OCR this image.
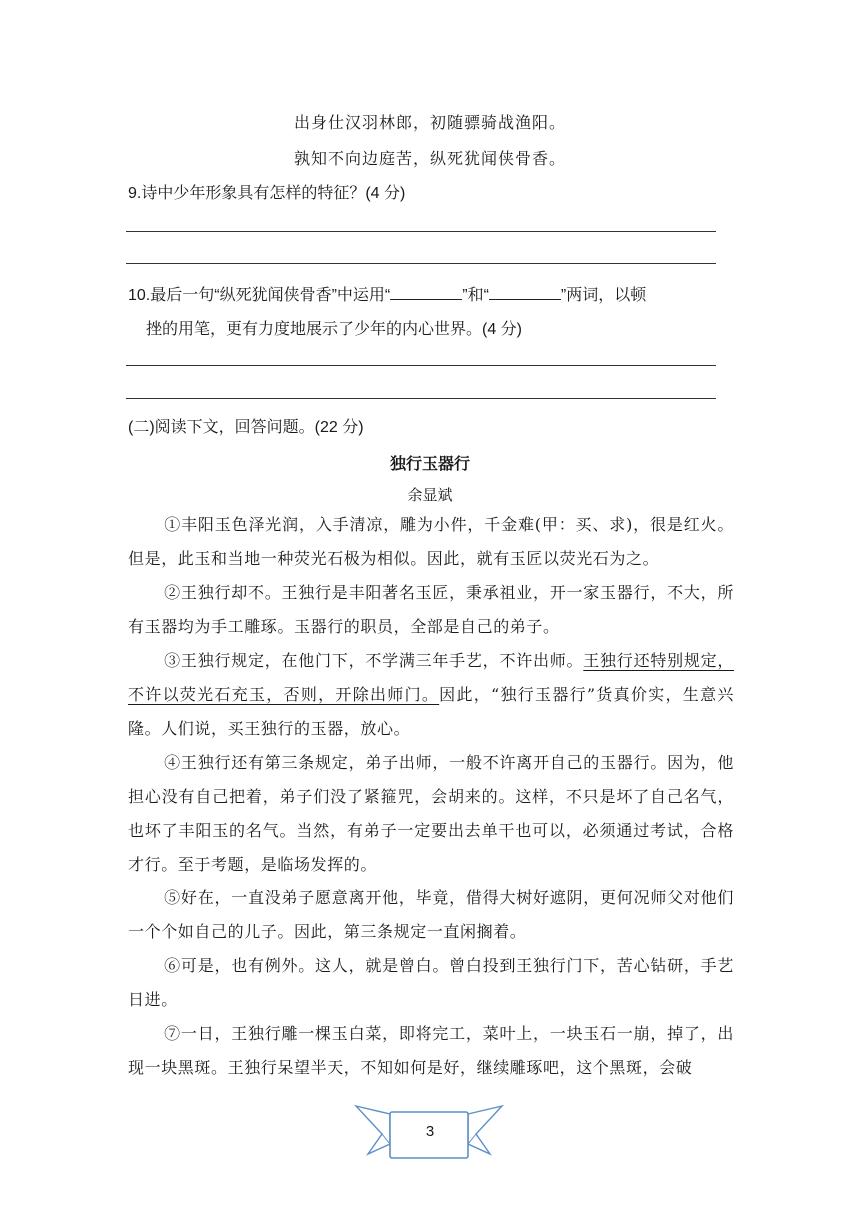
出身仕汉羽林郎，初随骠骑战渔阳。
孰知不向边庭苦，纵死犹闻侠骨香。
9.诗中少年形象具有怎样的特征？(4 分)
10.最后一句“纵死犹闻侠骨香”中运用“	”和“	”两词，以顿
挫的用笔，更有力度地展示了少年的内心世界。(4 分)
(二)阅读下文，回答问题。(22 分)
独行玉器行
余显斌
①丰阳玉色泽光润，入手清凉，雕为小件，千金难(甲：买、求)，很是红火。但是，此玉和当地一种荧光石极为相似。因此，就有玉匠以荧光石为之。
②王独行却不。王独行是丰阳著名玉匠，秉承祖业，开一家玉器行，不大，所有玉器均为手工雕琢。玉器行的职员，全部是自己的弟子。
③王独行规定，在他门下，不学满三年手艺，不许出师。王独行还特别规定，不许以荧光石充玉，否则，开除出师门。因此，“独行玉器行”货真价实，生意兴隆。人们说，买王独行的玉器，放心。
④王独行还有第三条规定，弟子出师，一般不许离开自己的玉器行。因为，他担心没有自己把着，弟子们没了紧箍咒，会胡来的。这样，不只是坏了自己名气，也坏了丰阳玉的名气。当然，有弟子一定要出去单干也可以，必须通过考试，合格才行。至于考题，是临场发挥的。
⑤好在，一直没弟子愿意离开他，毕竟，借得大树好遮阴，更何况师父对他们一个个如自己的儿子。因此，第三条规定一直闲搁着。
⑥可是，也有例外。这人，就是曾白。曾白投到王独行门下，苦心钻研，手艺日进。
⑦一日，王独行雕一棵玉白菜，即将完工，菜叶上，一块玉石一崩，掉了，出现一块黑斑。王独行呆望半天，不知如何是好，继续雕琢吧，这个黑斑，会破
3
